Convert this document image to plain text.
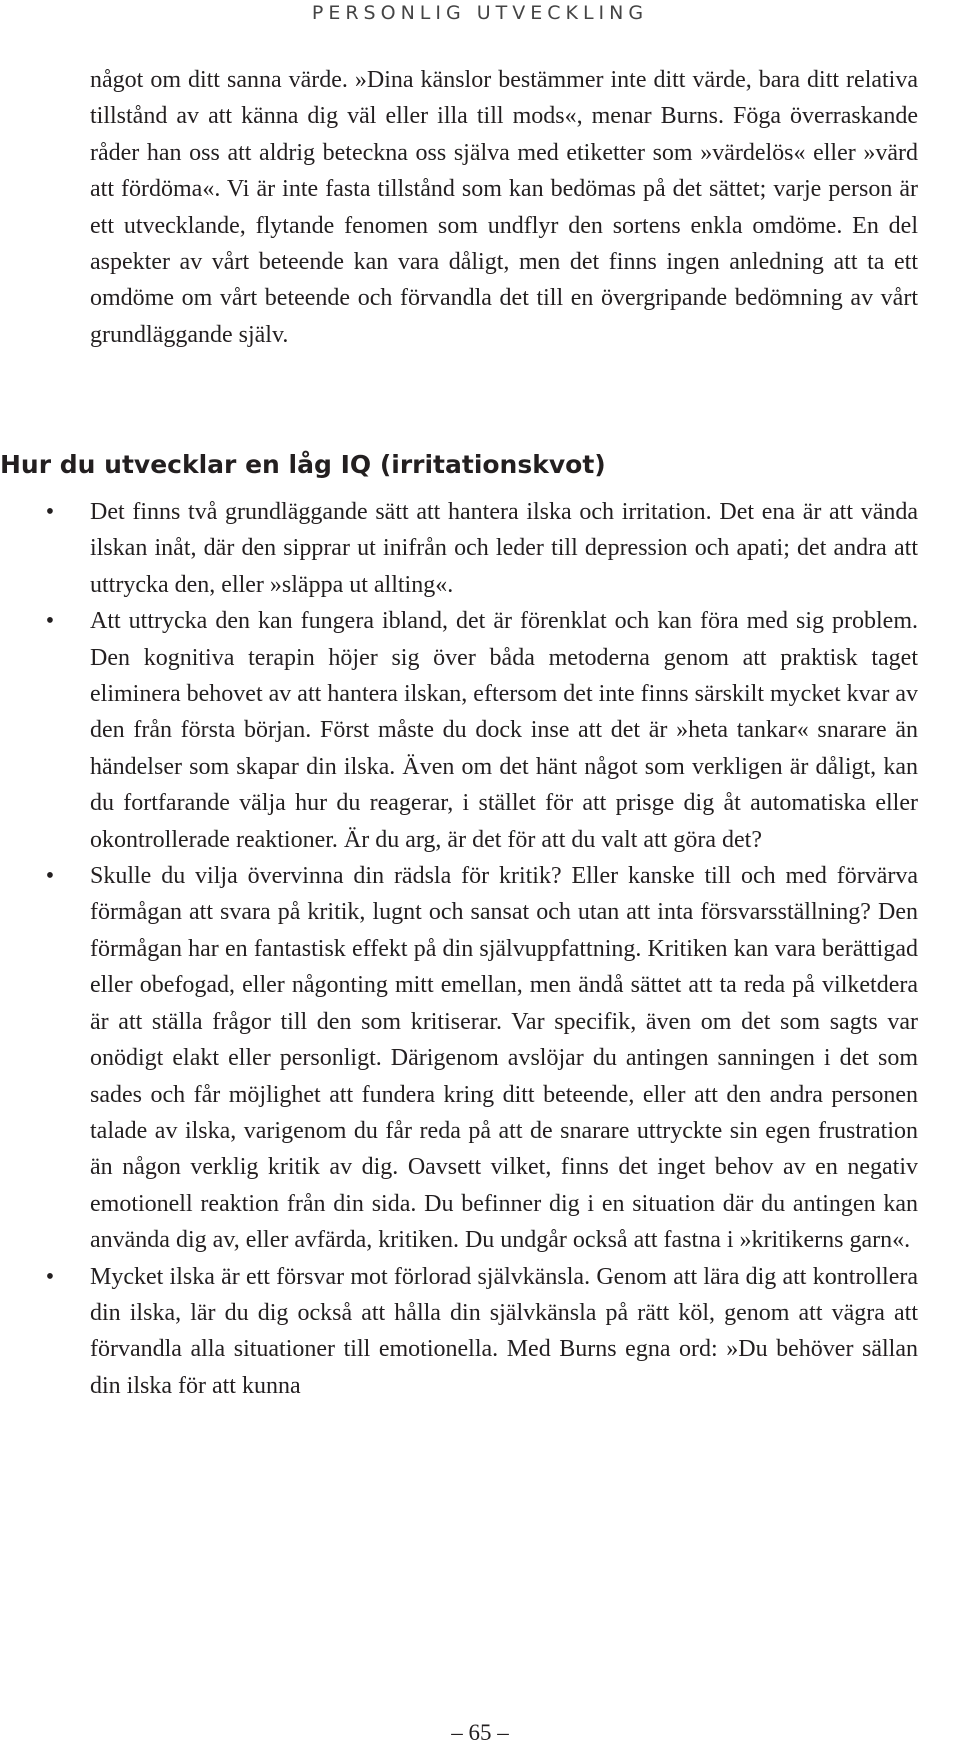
PERSONLIG UTVECKLING

något om ditt sanna värde. »Dina känslor bestämmer inte ditt värde, bara ditt relativa tillstånd av att känna dig väl eller illa till mods«, menar Burns. Föga överraskande råder han oss att aldrig beteckna oss själva med etiketter som »värdelös« eller »värd att fördöma«. Vi är inte fasta tillstånd som kan bedömas på det sättet; varje person är ett utvecklande, flytande fenomen som undflyr den sortens enkla omdöme. En del aspekter av vårt beteende kan vara dåligt, men det finns ingen anledning att ta ett omdöme om vårt beteende och förvandla det till en övergripande bedömning av vårt grundläggande själv.

Hur du utvecklar en låg IQ (irritationskvot)
• Det finns två grundläggande sätt att hantera ilska och irritation. Det ena är att vända ilskan inåt, där den sipprar ut inifrån och leder till depression och apati; det andra att uttrycka den, eller »släppa ut allting«.
• Att uttrycka den kan fungera ibland, det är förenklat och kan föra med sig problem. Den kognitiva terapin höjer sig över båda metoderna genom att praktisk taget eliminera behovet av att hantera ilskan, eftersom det inte finns särskilt mycket kvar av den från första början. Först måste du dock inse att det är »heta tankar« snarare än händelser som skapar din ilska. Även om det hänt något som verkligen är dåligt, kan du fortfarande välja hur du reagerar, i stället för att prisge dig åt automatiska eller okontrollerade reaktioner. Är du arg, är det för att du valt att göra det?
• Skulle du vilja övervinna din rädsla för kritik? Eller kanske till och med förvärva förmågan att svara på kritik, lugnt och sansat och utan att inta försvarsställning? Den förmågan har en fantastisk effekt på din självuppfattning. Kritiken kan vara berättigad eller obefogad, eller någonting mitt emellan, men ändå sättet att ta reda på vilketdera är att ställa frågor till den som kritiserar. Var specifik, även om det som sagts var onödigt elakt eller personligt. Därigenom avslöjar du antingen sanningen i det som sades och får möjlighet att fundera kring ditt beteende, eller att den andra personen talade av ilska, varigenom du får reda på att de snarare uttryckte sin egen frustration än någon verklig kritik av dig. Oavsett vilket, finns det inget behov av en negativ emotionell reaktion från din sida. Du befinner dig i en situation där du antingen kan använda dig av, eller avfärda, kritiken. Du undgår också att fastna i »kritikerns garn«.
• Mycket ilska är ett försvar mot förlorad självkänsla. Genom att lära dig att kontrollera din ilska, lär du dig också att hålla din självkänsla på rätt köl, genom att vägra att förvandla alla situationer till emotionella. Med Burns egna ord: »Du behöver sällan din ilska för att kunna
– 65 –
